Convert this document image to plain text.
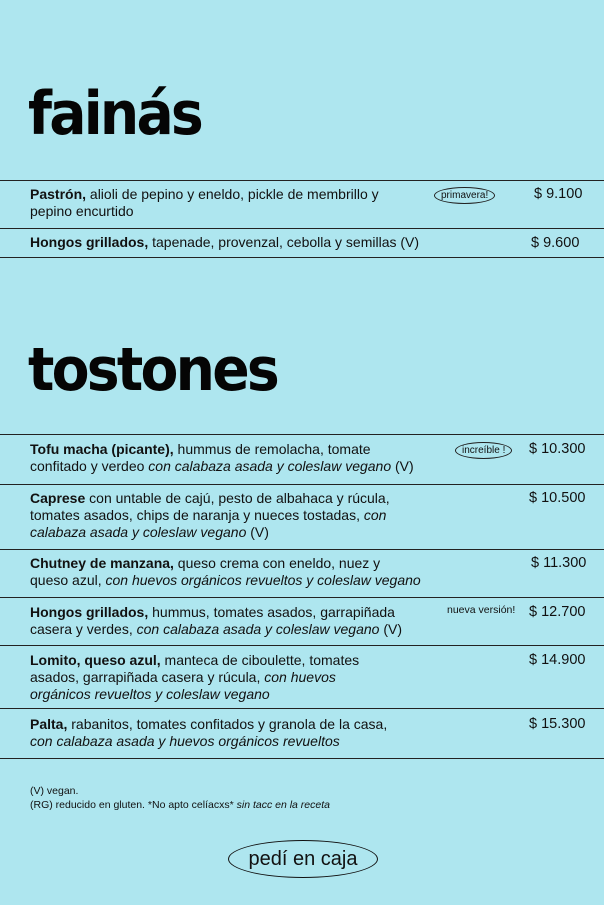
fainás
Pastrón, alioli de pepino y eneldo, pickle de membrillo y
pepino encurtido
primavera!	$ 9.100
Hongos grillados, tapenade, provenzal, cebolla y semillas (V)	$ 9.600
tostones
Tofu macha (picante), hummus de remolacha, tomate
confitado y verdeo con calabaza asada y coleslaw vegano (V)
increíble !	$ 10.300
Caprese con untable de cajú, pesto de albahaca y rúcula,
tomates asados, chips de naranja y nueces tostadas, con
calabaza asada y coleslaw vegano (V)
$ 10.500
Chutney de manzana, queso crema con eneldo, nuez y
queso azul, con huevos orgánicos revueltos y coleslaw vegano
$ 11.300
Hongos grillados, hummus, tomates asados, garrapiñada
casera y verdes, con calabaza asada y coleslaw vegano (V)
nueva versión! $ 12.700
Lomito, queso azul, manteca de ciboulette, tomates
asados, garrapiñada casera y rúcula, con huevos
orgánicos revueltos y coleslaw vegano
$ 14.900
Palta, rabanitos, tomates confitados y granola de la casa,
con calabaza asada y huevos orgánicos revueltos
$ 15.300
(V) vegan.
(RG) reducido en gluten. *No apto celíacxs* sin tacc en la receta
pedí en caja
